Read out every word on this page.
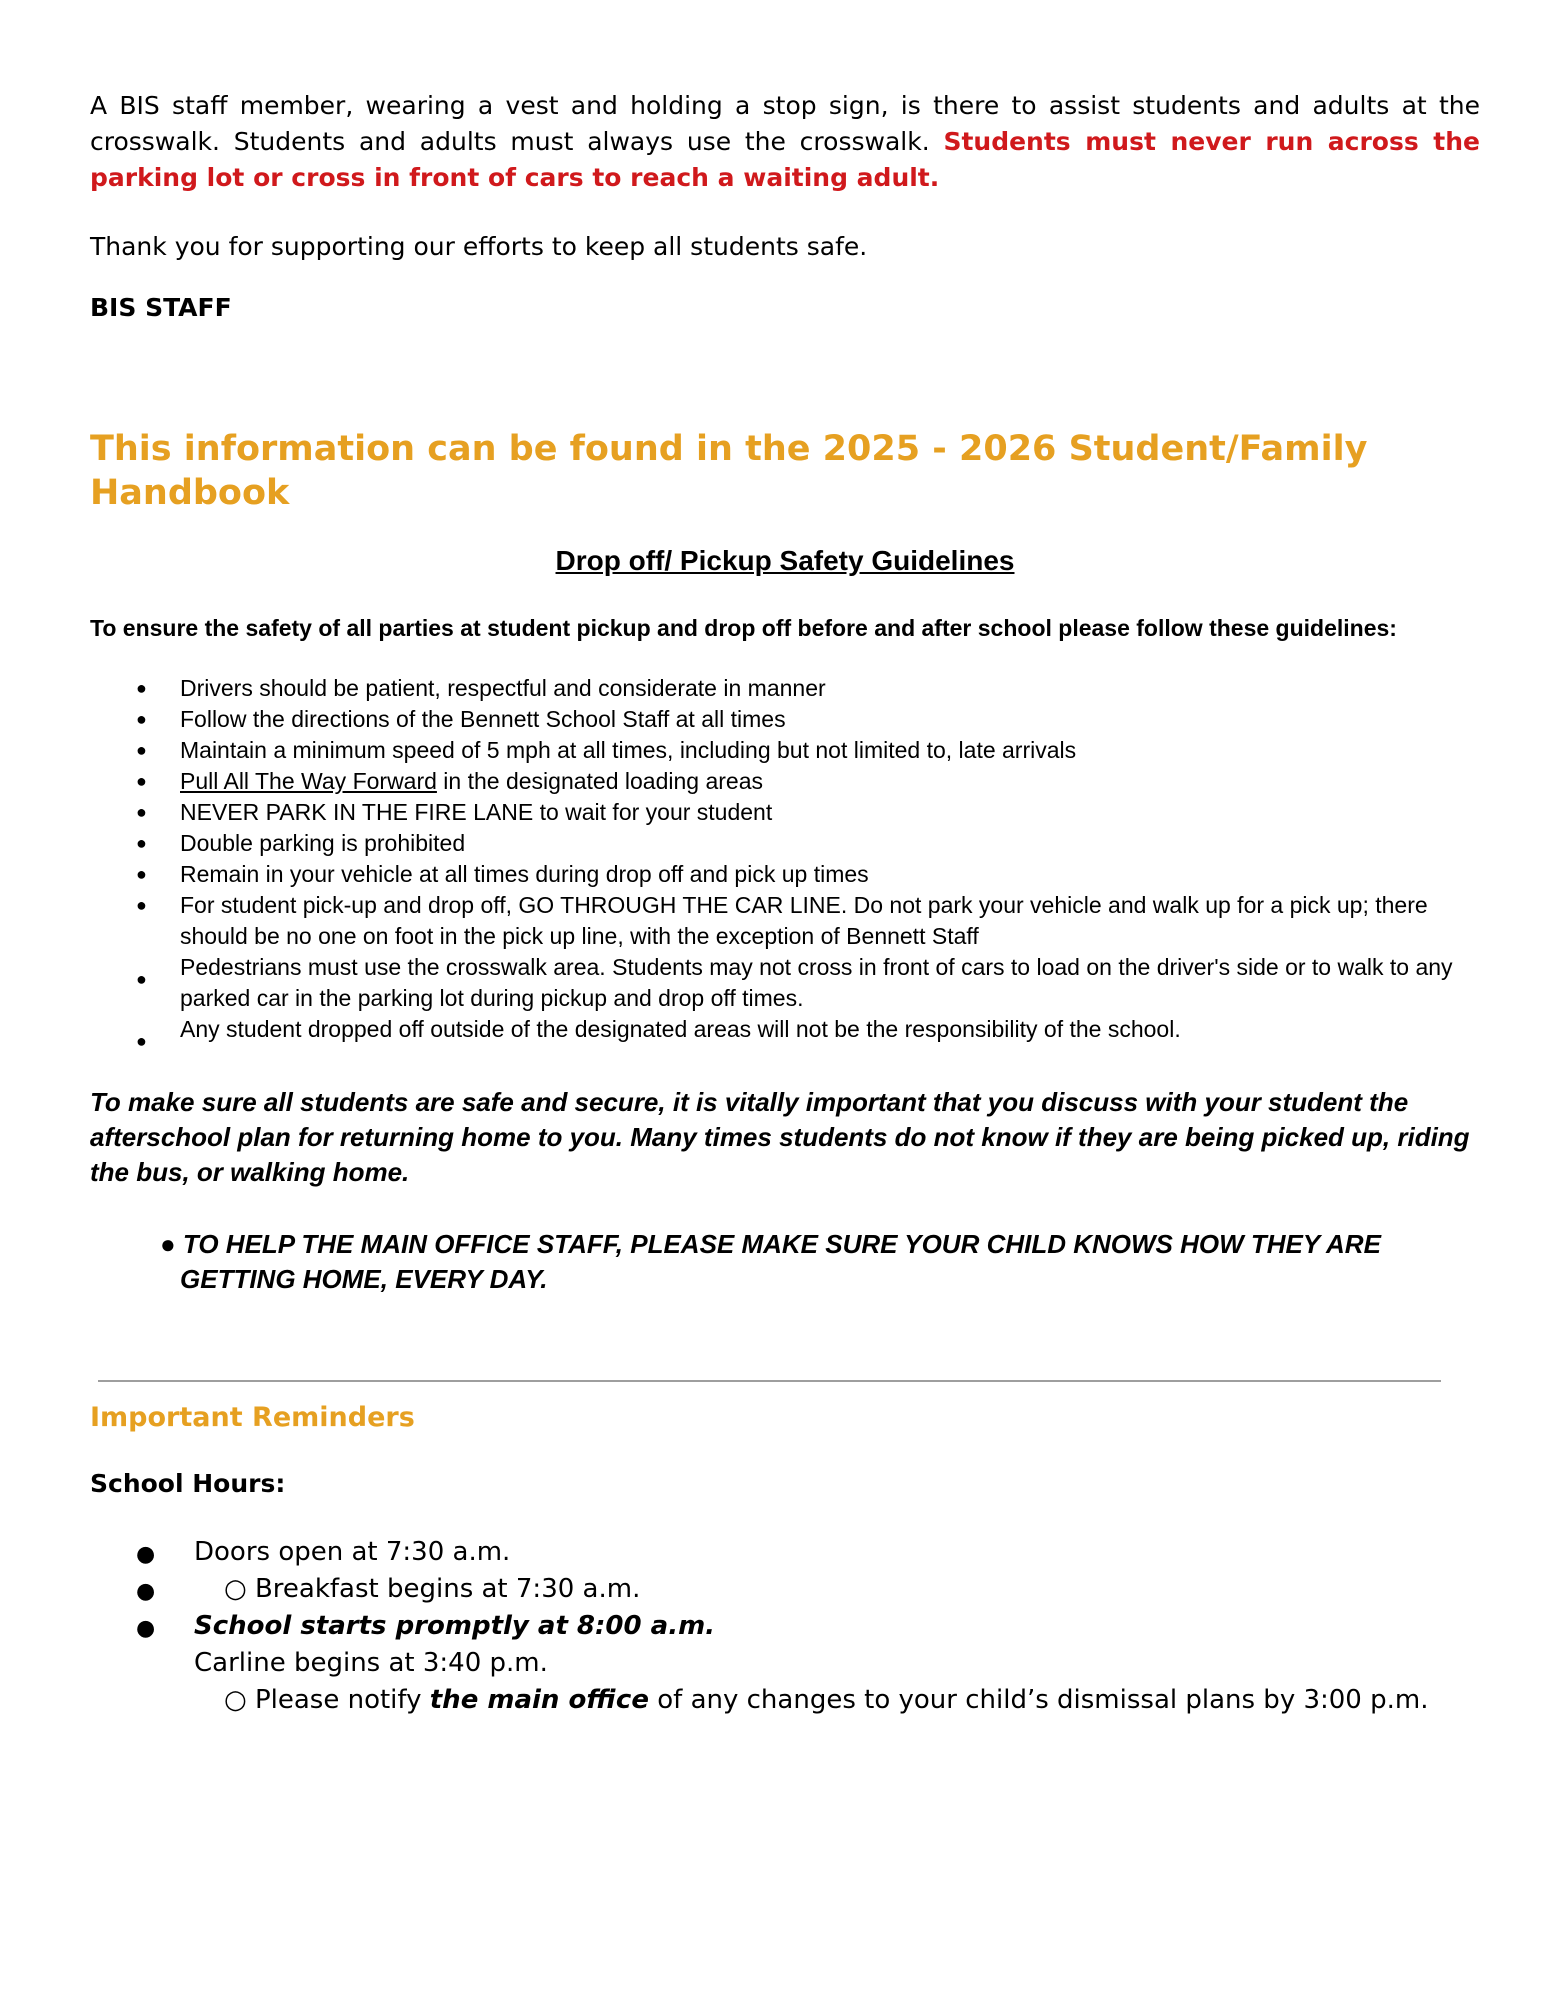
A BIS staff member, wearing a vest and holding a stop sign, is there to assist students and adults at the crosswalk. Students and adults must always use the crosswalk. Students must never run across the parking lot or cross in front of cars to reach a waiting adult.

Thank you for supporting our efforts to keep all students safe.

BIS STAFF

This information can be found in the 2025 - 2026 Student/Family Handbook

Drop off/ Pickup Safety Guidelines

To ensure the safety of all parties at student pickup and drop off before and after school please follow these guidelines:

● Drivers should be patient, respectful and considerate in manner
● Follow the directions of the Bennett School Staff at all times
● Maintain a minimum speed of 5 mph at all times, including but not limited to, late arrivals
● Pull All The Way Forward in the designated loading areas
● NEVER PARK IN THE FIRE LANE to wait for your student
● Double parking is prohibited
● Remain in your vehicle at all times during drop off and pick up times
● For student pick-up and drop off, GO THROUGH THE CAR LINE. Do not park your vehicle and walk up for a pick up; there should be no one on foot in the pick up line, with the exception of Bennett Staff
● Pedestrians must use the crosswalk area. Students may not cross in front of cars to load on the driver's side or to walk to any parked car in the parking lot during pickup and drop off times.
● Any student dropped off outside of the designated areas will not be the responsibility of the school.

To make sure all students are safe and secure, it is vitally important that you discuss with your student the afterschool plan for returning home to you. Many times students do not know if they are being picked up, riding the bus, or walking home.

● TO HELP THE MAIN OFFICE STAFF, PLEASE MAKE SURE YOUR CHILD KNOWS HOW THEY ARE GETTING HOME, EVERY DAY.

Important Reminders

School Hours:

● Doors open at 7:30 a.m.
●	○ Breakfast begins at 7:30 a.m.
● School starts promptly at 8:00 a.m.
Carline begins at 3:40 p.m.
○ Please notify the main office of any changes to your child’s dismissal plans by 3:00 p.m.
